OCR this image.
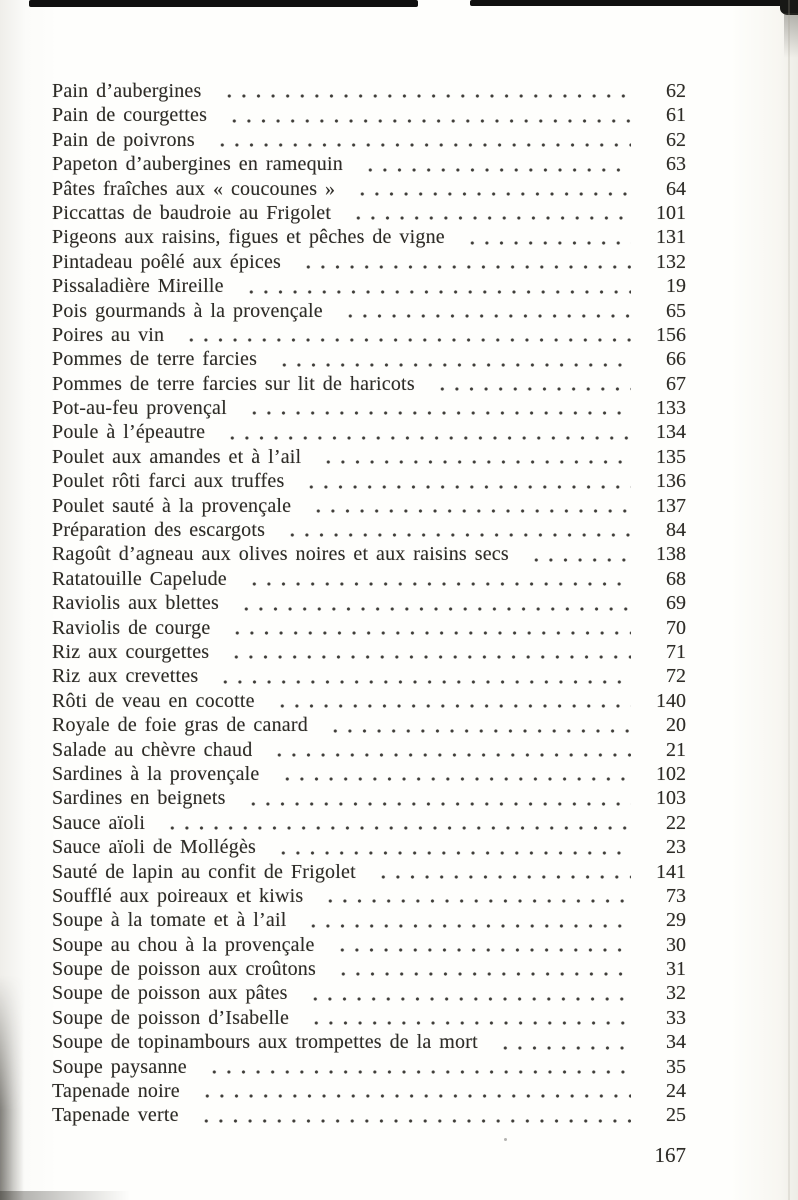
Pain d’aubergines	62
Pain de courgettes	61
Pain de poivrons	62
Papeton d’aubergines en ramequin	63
Pâtes fraîches aux « coucounes »	64
Piccattas de baudroie au Frigolet	101
Pigeons aux raisins, figues et pêches de vigne	131
Pintadeau poêlé aux épices	132
Pissaladière Mireille	19
Pois gourmands à la provençale	65
Poires au vin	156
Pommes de terre farcies	66
Pommes de terre farcies sur lit de haricots	67
Pot-au-feu provençal	133
Poule à l’épeautre	134
Poulet aux amandes et à l’ail	135
Poulet rôti farci aux truffes	136
Poulet sauté à la provençale	137
Préparation des escargots	84
Ragoût d’agneau aux olives noires et aux raisins secs	138
Ratatouille Capelude	68
Raviolis aux blettes	69
Raviolis de courge	70
Riz aux courgettes	71
Riz aux crevettes	72
Rôti de veau en cocotte	140
Royale de foie gras de canard	20
Salade au chèvre chaud	21
Sardines à la provençale	102
Sardines en beignets	103
Sauce aïoli	22
Sauce aïoli de Mollégès	23
Sauté de lapin au confit de Frigolet	141
Soufflé aux poireaux et kiwis	73
Soupe à la tomate et à l’ail	29
Soupe au chou à la provençale	30
Soupe de poisson aux croûtons	31
Soupe de poisson aux pâtes	32
Soupe de poisson d’Isabelle	33
Soupe de topinambours aux trompettes de la mort	34
Soupe paysanne	35
Tapenade noire	24
Tapenade verte	25
167
